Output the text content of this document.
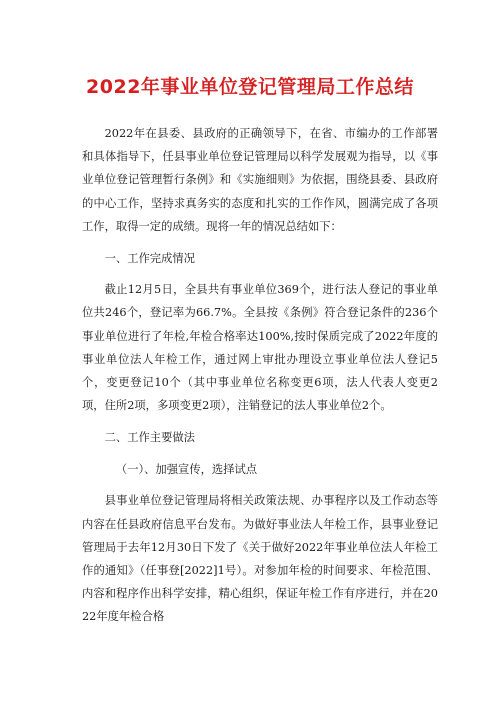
2022年事业单位登记管理局工作总结

2022年在县委、县政府的正确领导下，在省、市编办的工作部署和具体指导下，任县事业单位登记管理局以科学发展观为指导，以《事业单位登记管理暂行条例》和《实施细则》为依据，围绕县委、县政府的中心工作，坚持求真务实的态度和扎实的工作作风，圆满完成了各项工作，取得一定的成绩。现将一年的情况总结如下：

一、工作完成情况

截止12月5日，全县共有事业单位369个，进行法人登记的事业单位共246个，登记率为66.7%。全县按《条例》符合登记条件的236个事业单位进行了年检,年检合格率达100%,按时保质完成了2022年度的事业单位法人年检工作，通过网上审批办理设立事业单位法人登记5个，变更登记10个（其中事业单位名称变更6项，法人代表人变更2项，住所2项，多项变更2项），注销登记的法人事业单位2个。

二、工作主要做法

（一）、加强宣传，选择试点

县事业单位登记管理局将相关政策法规、办事程序以及工作动态等内容在任县政府信息平台发布。为做好事业法人年检工作，县事业登记管理局于去年12月30日下发了《关于做好2022年事业单位法人年检工作的通知》（任事登[2022]1号）。对参加年检的时间要求、年检范围、内容和程序作出科学安排，精心组织，保证年检工作有序进行，并在2022年度年检合格
